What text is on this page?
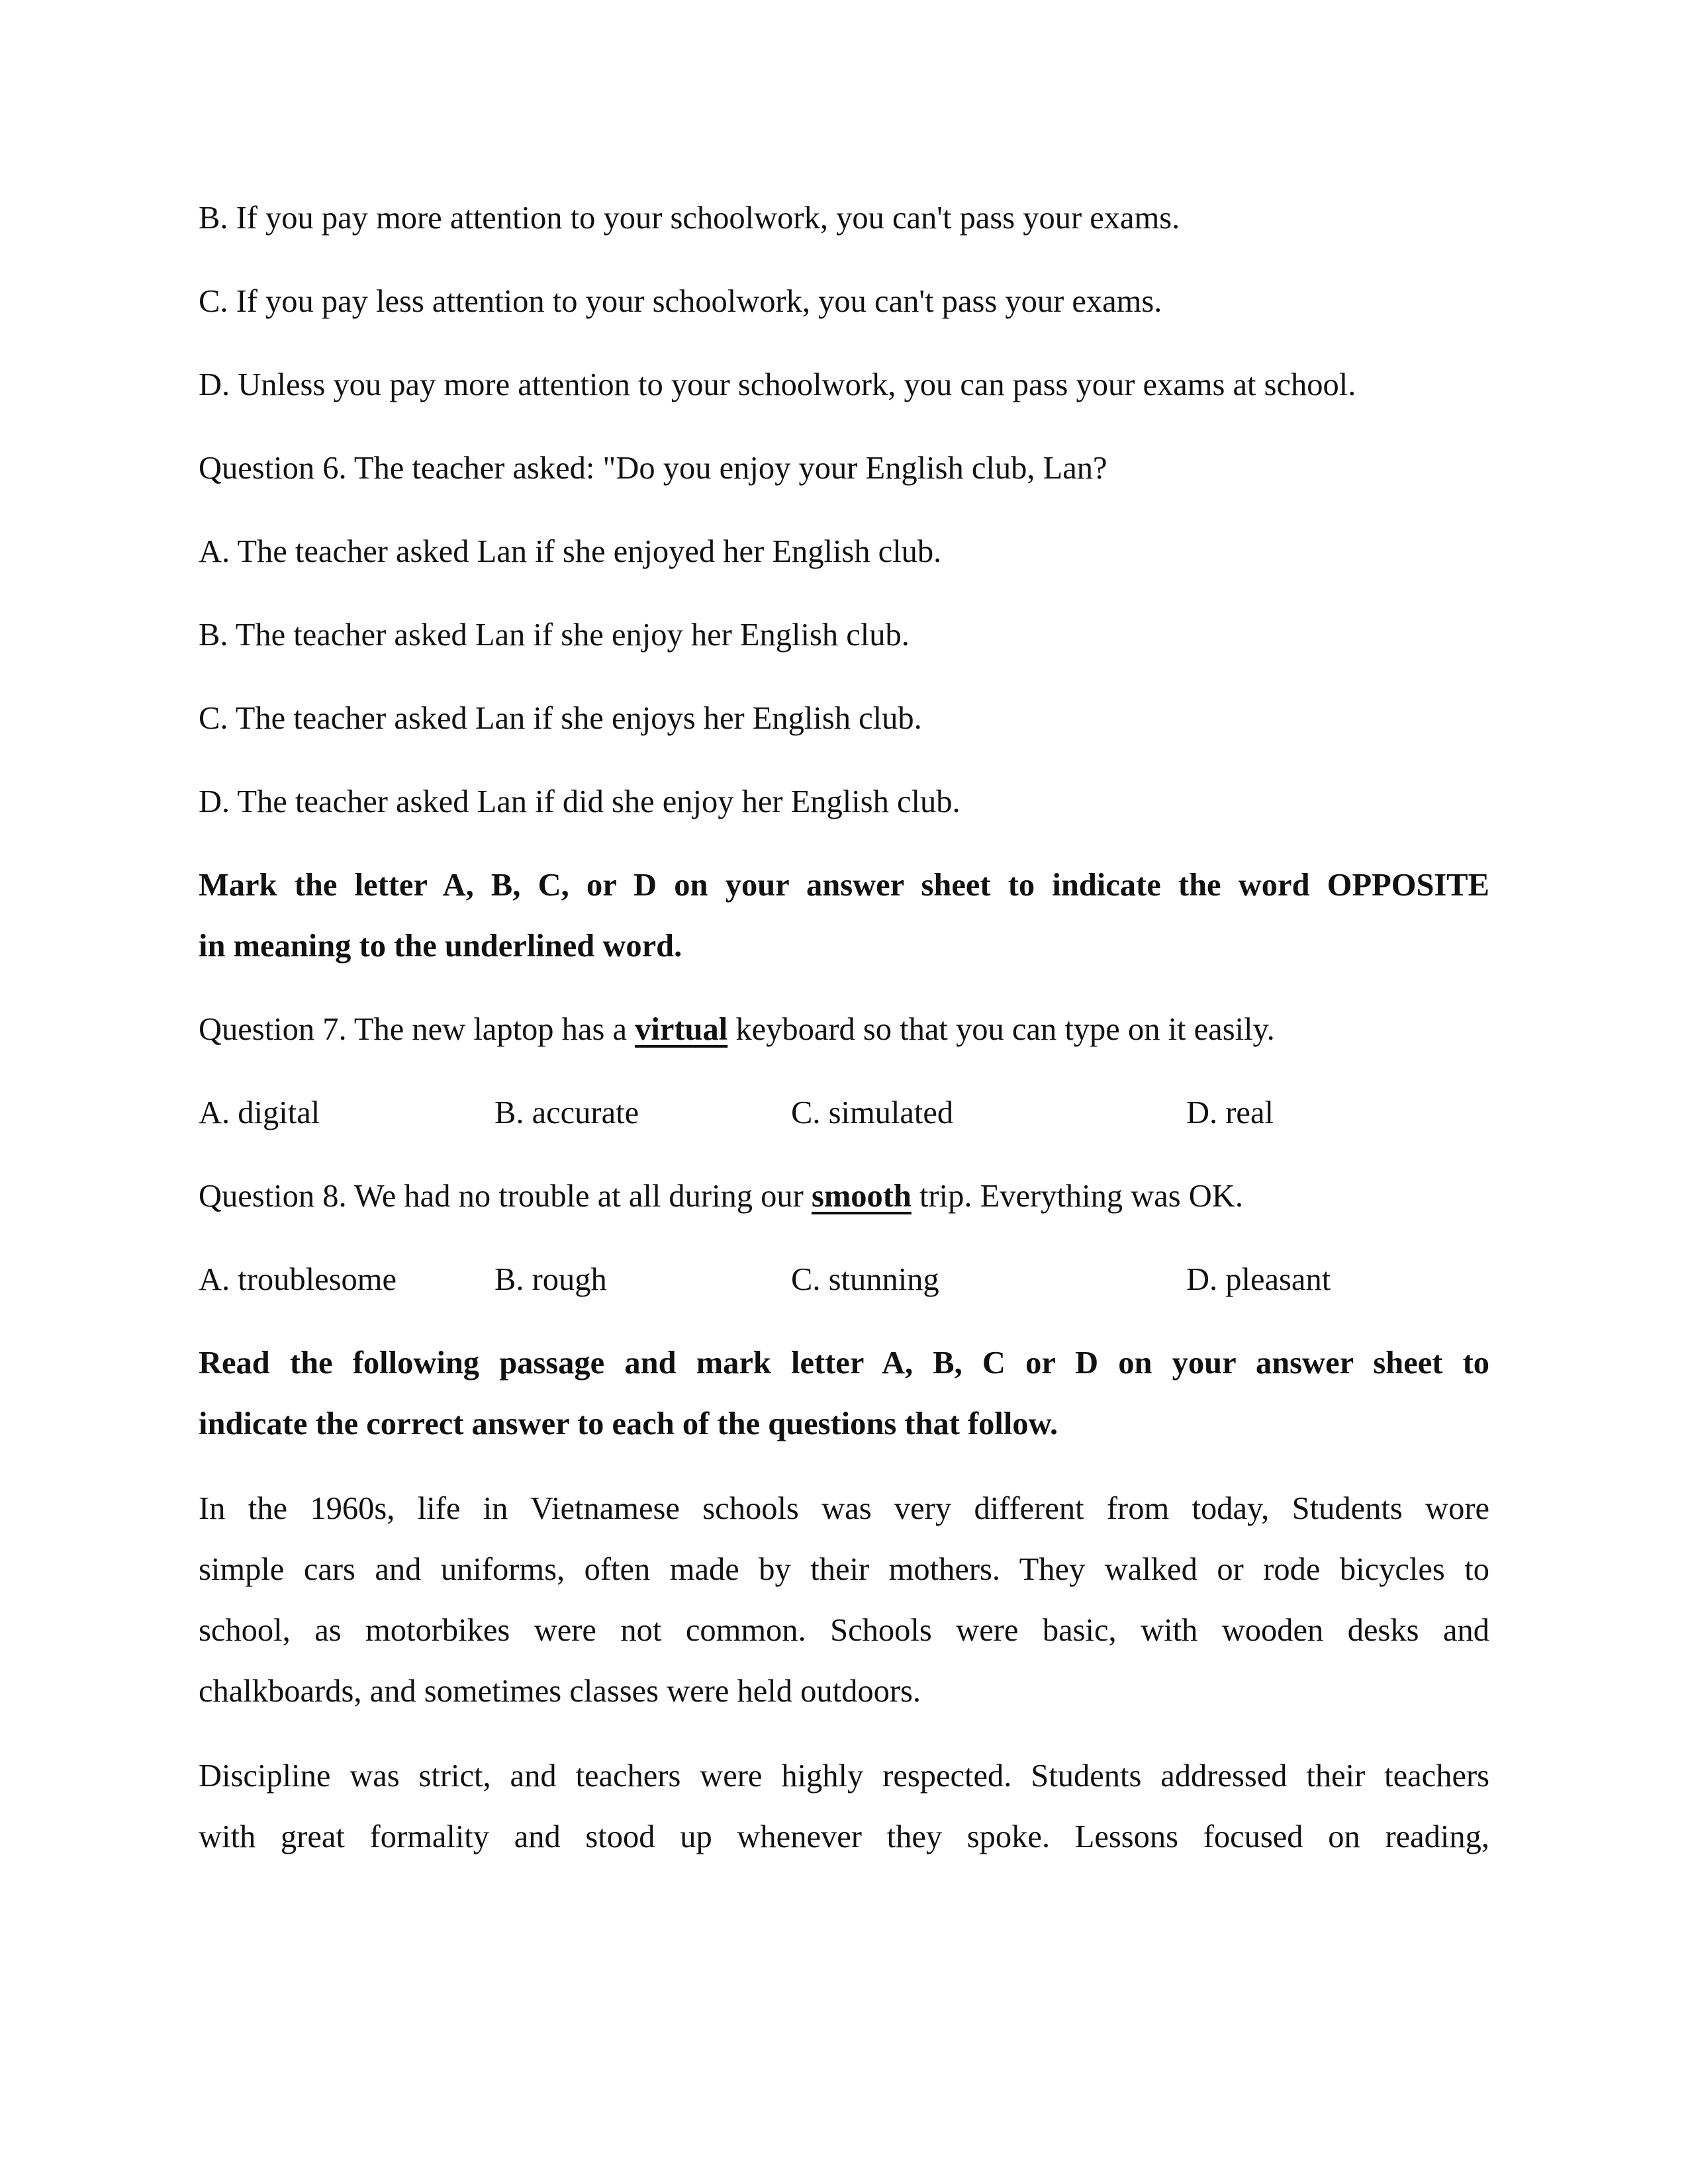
B. If you pay more attention to your schoolwork, you can't pass your exams.
C. If you pay less attention to your schoolwork, you can't pass your exams.
D. Unless you pay more attention to your schoolwork, you can pass your exams at school.
Question 6. The teacher asked: "Do you enjoy your English club, Lan?
A. The teacher asked Lan if she enjoyed her English club.
B. The teacher asked Lan if she enjoy her English club.
C. The teacher asked Lan if she enjoys her English club.
D. The teacher asked Lan if did she enjoy her English club.
Mark the letter A, B, C, or D on your answer sheet to indicate the word OPPOSITE
in meaning to the underlined word.
Question 7. The new laptop has a virtual keyboard so that you can type on it easily.
A. digital	B. accurate	C. simulated	D. real
Question 8. We had no trouble at all during our smooth trip. Everything was OK.
A. troublesome	B. rough	C. stunning	D. pleasant
Read the following passage and mark letter A, B, C or D on your answer sheet to
indicate the correct answer to each of the questions that follow.
In the 1960s, life in Vietnamese schools was very different from today, Students wore
simple cars and uniforms, often made by their mothers. They walked or rode bicycles to
school, as motorbikes were not common. Schools were basic, with wooden desks and
chalkboards, and sometimes classes were held outdoors.
Discipline was strict, and teachers were highly respected. Students addressed their teachers
with great formality and stood up whenever they spoke. Lessons focused on reading,
